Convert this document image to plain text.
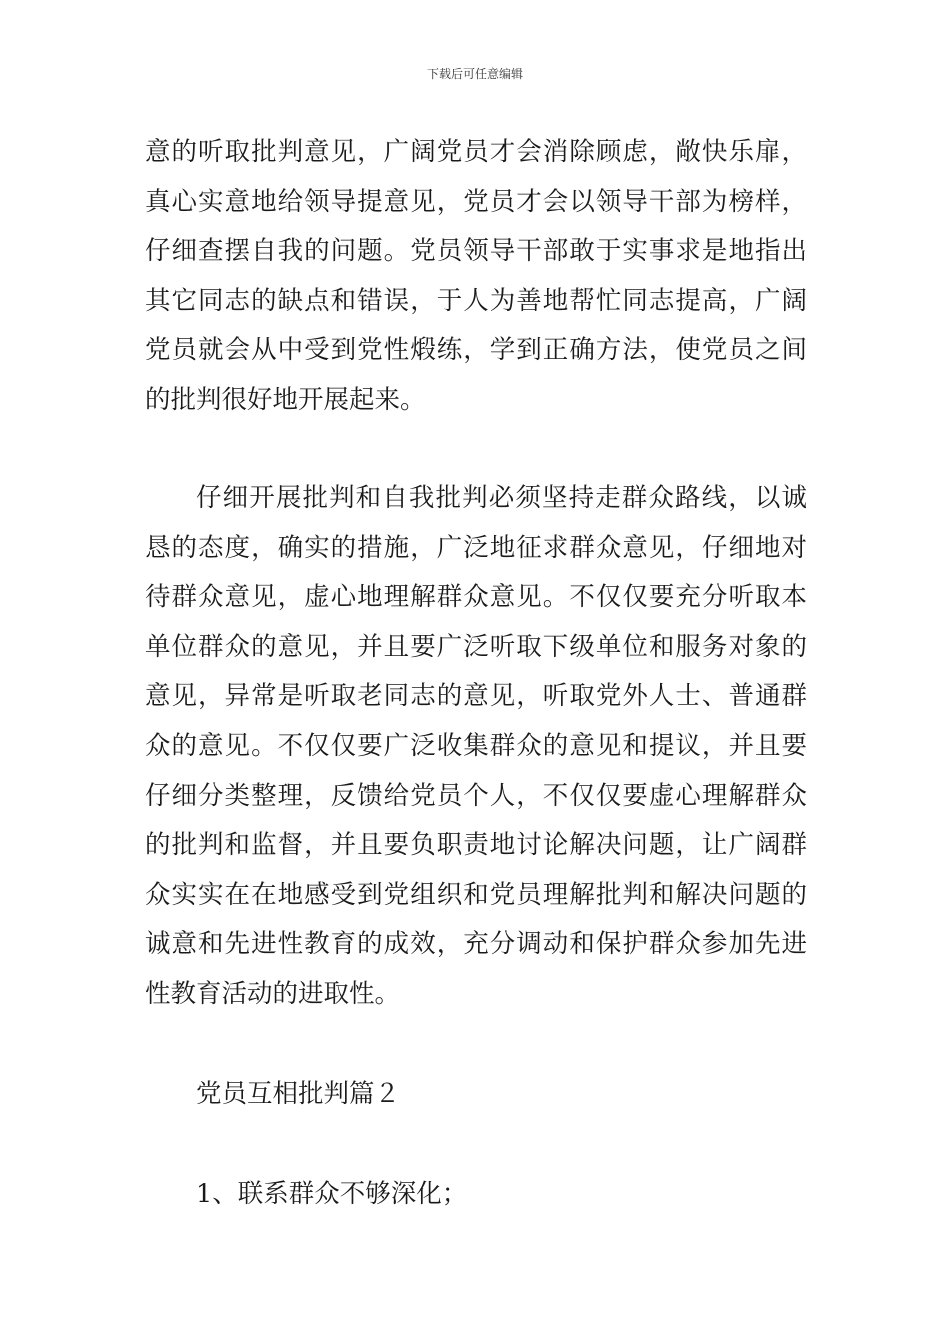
下载后可任意编辑

意的听取批判意见，广阔党员才会消除顾虑，敞快乐扉，真心实意地给领导提意见，党员才会以领导干部为榜样，仔细查摆自我的问题。党员领导干部敢于实事求是地指出其它同志的缺点和错误，于人为善地帮忙同志提高，广阔党员就会从中受到党性煅练，学到正确方法，使党员之间的批判很好地开展起来。

仔细开展批判和自我批判必须坚持走群众路线，以诚恳的态度，确实的措施，广泛地征求群众意见，仔细地对待群众意见，虚心地理解群众意见。不仅仅要充分听取本单位群众的意见，并且要广泛听取下级单位和服务对象的意见，异常是听取老同志的意见，听取党外人士、普通群众的意见。不仅仅要广泛收集群众的意见和提议，并且要仔细分类整理，反馈给党员个人，不仅仅要虚心理解群众的批判和监督，并且要负职责地讨论解决问题，让广阔群众实实在在地感受到党组织和党员理解批判和解决问题的诚意和先进性教育的成效，充分调动和保护群众参加先进性教育活动的进取性。

党员互相批判篇２
1、联系群众不够深化；
